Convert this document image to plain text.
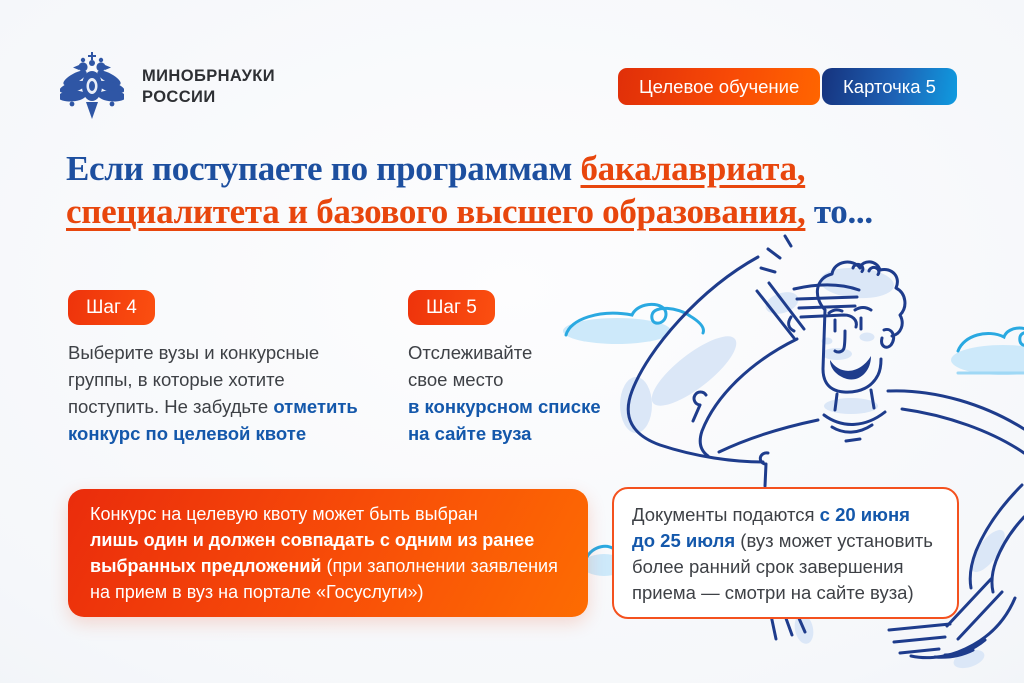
МИНОБРНАУКИ
РОССИИ
Целевое обучение	Карточка 5
Если поступаете по программам бакалавриата,
специалитета и базового высшего образования, то...
Шаг 4
Выберите вузы и конкурсные
группы, в которые хотите
поступить. Не забудьте отметить
конкурс по целевой квоте
Шаг 5
Отслеживайте
свое место
в конкурсном списке
на сайте вуза
Конкурс на целевую квоту может быть выбран
лишь один и должен совпадать с одним из ранее
выбранных предложений (при заполнении заявления
на прием в вуз на портале «Госуслуги»)
Документы подаются с 20 июня
до 25 июля (вуз может установить
более ранний срок завершения
приема — смотри на сайте вуза)
